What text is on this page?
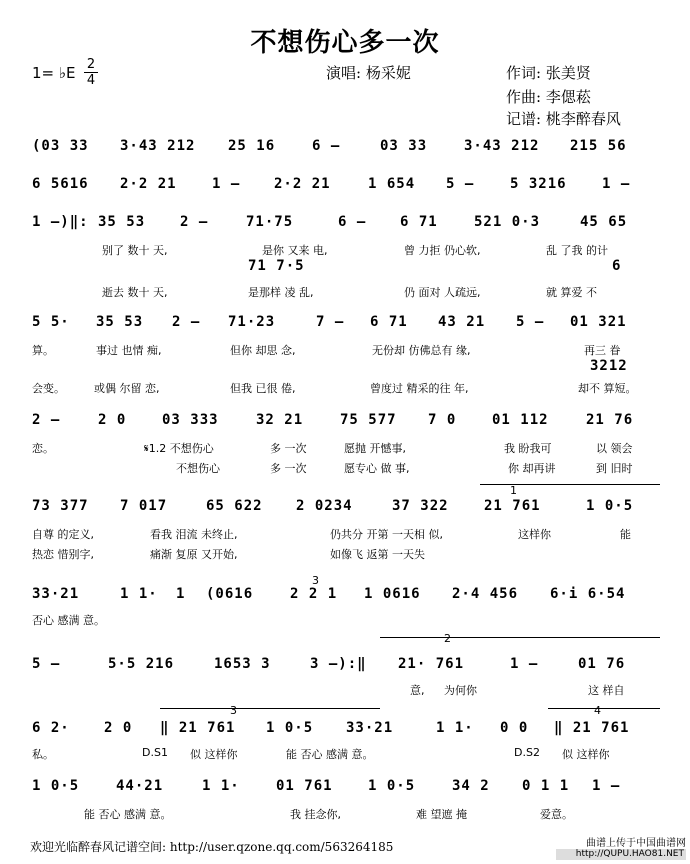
不想伤心多一次
1= ♭E 2
4	演唱: 杨采妮	作词: 张美贤
作曲: 李偲菘
记谱: 桃李醉春风
(03 33 3·43 212 25 16	6 –	03 33	3·43 212 215 56
6 5616 2·2 21	1 – 2·2 21	1 654 5 –	5 3216	1 –
1 –)‖: 35 53 2 –	71·75	6 – 6 71	521 0·3	45 65
别了 数十 天,	是你 又来 电,	曾 力拒 仍心软,	乱 了我 的计
71 7·5	6
逝去 数十 天,	是那样 凌 乱,	仍 面对 人疏远,	就 算爱 不
5 5· 35 53 2 – 71·23	7 – 6 71 43 21 5 – 01 321
算。	事过 也情 痴,	但你 却思 念,	无份却 仿佛总有 缘,	再三 眷
3212
会变。	或偶 尔留 恋,	但我 已很 倦,	曾度过 精采的往 年,	却不 算短。
2 –	2 0	03 333	32 21	75 577 7 0	01 112	21 76
恋。	𝄋1.2 不想伤心	多 一次	愿抛 开憾事,	我 盼我可	以 领会
不想伤心	多 一次	愿专心 做 事,	你 却再讲	到 旧时
73 377 7 017	65 622 2 0234	37 322	21 761	1 0·5
1
自尊 的定义,	看我 泪流 未终止,	仍共分 开第 一天相 似,	这样你	能
热恋 惜别字,	痛渐 复原 又开始,	如像飞 返第 一天失
33·21	1 1· 1 (0616	2 2 1 1 0616 2·4 456 6·i 6·54
3
否心 感满 意。
5 –	5·5 216	1653 3	3 –):‖ 21· 761	1 –	01 76
2
意, 为何你	这 样自
6 2· 2 0 ‖ 21 761 1 0·5 33·21	1 1· 0 0 ‖ 21 761
3	4
私。	D.S1 似 这样你	能 否心 感满 意。	D.S2 似 这样你
1 0·5	44·21	1 1·	01 761	1 0·5	34 2 0 1 1 1 –
能 否心 感满 意。	我 挂念你,	难 望遮 掩	爱意。
欢迎光临醉春风记谱空间: http://user.qzone.qq.com/563264185	曲谱上传于中国曲谱网
http://QUPU.HAO81.NET
